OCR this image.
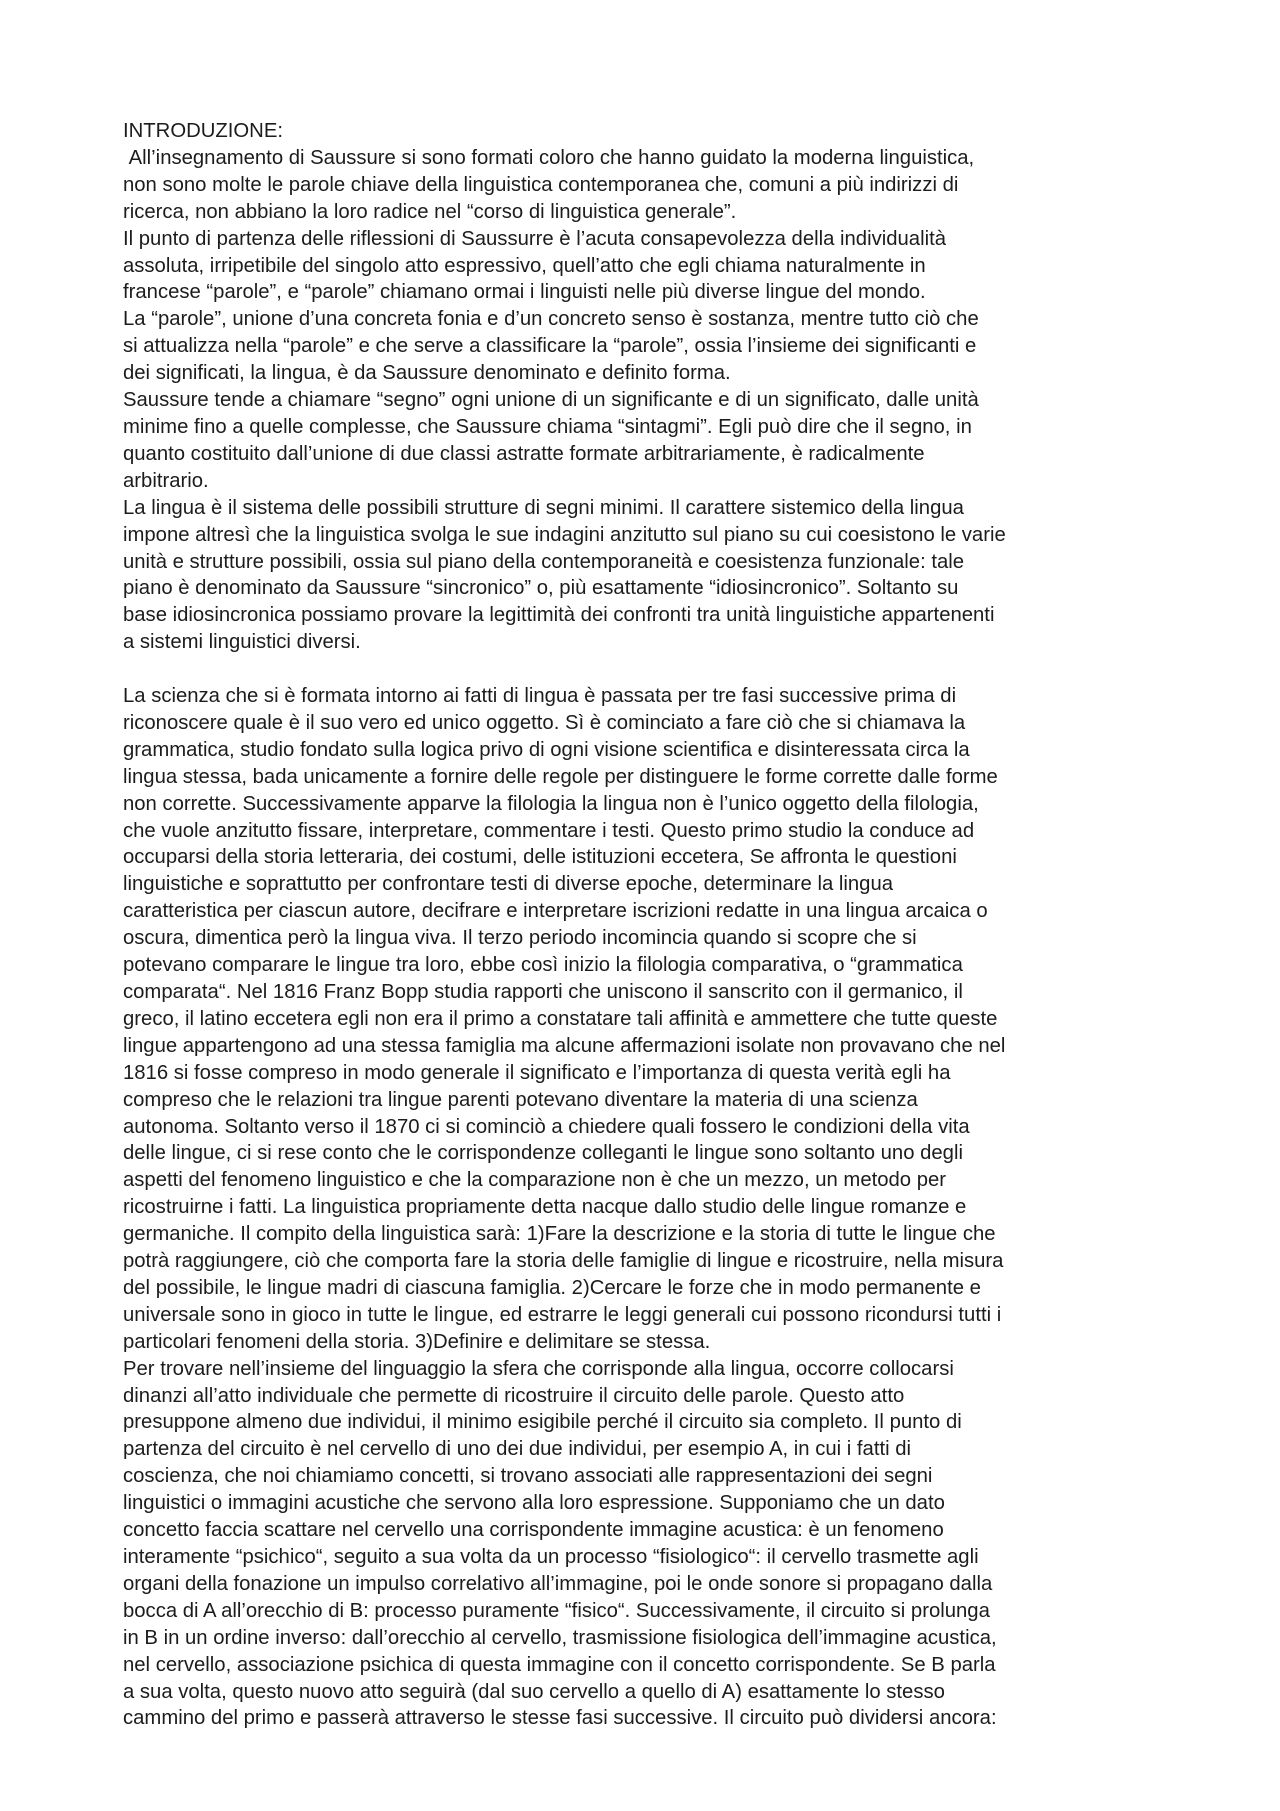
INTRODUZIONE:

All’insegnamento di Saussure si sono formati coloro che hanno guidato la moderna linguistica,
non sono molte le parole chiave della linguistica contemporanea che, comuni a più indirizzi di
ricerca, non abbiano la loro radice nel “corso di linguistica generale”.

Il punto di partenza delle riflessioni di Saussurre è l’acuta consapevolezza della individualità
assoluta, irripetibile del singolo atto espressivo, quell’atto che egli chiama naturalmente in
francese “parole”, e “parole” chiamano ormai i linguisti nelle più diverse lingue del mondo.

La “parole”, unione d’una concreta fonia e d’un concreto senso è sostanza, mentre tutto ciò che
si attualizza nella “parole” e che serve a classificare la “parole”, ossia l’insieme dei significanti e
dei significati, la lingua, è da Saussure denominato e definito forma.

Saussure tende a chiamare “segno” ogni unione di un significante e di un significato, dalle unità
minime fino a quelle complesse, che Saussure chiama “sintagmi”. Egli può dire che il segno, in
quanto costituito dall’unione di due classi astratte formate arbitrariamente, è radicalmente
arbitrario.

La lingua è il sistema delle possibili strutture di segni minimi. Il carattere sistemico della lingua
impone altresì che la linguistica svolga le sue indagini anzitutto sul piano su cui coesistono le varie
unità e strutture possibili, ossia sul piano della contemporaneità e coesistenza funzionale: tale
piano è denominato da Saussure “sincronico” o, più esattamente “idiosincronico”. Soltanto su
base idiosincronica possiamo provare la legittimità dei confronti tra unità linguistiche appartenenti
a sistemi linguistici diversi.

La scienza che si è formata intorno ai fatti di lingua è passata per tre fasi successive prima di
riconoscere quale è il suo vero ed unico oggetto. Sì è cominciato a fare ciò che si chiamava la
grammatica, studio fondato sulla logica privo di ogni visione scientifica e disinteressata circa la
lingua stessa, bada unicamente a fornire delle regole per distinguere le forme corrette dalle forme
non corrette. Successivamente apparve la filologia la lingua non è l’unico oggetto della filologia,
che vuole anzitutto fissare, interpretare, commentare i testi. Questo primo studio la conduce ad
occuparsi della storia letteraria, dei costumi, delle istituzioni eccetera, Se affronta le questioni
linguistiche e soprattutto per confrontare testi di diverse epoche, determinare la lingua
caratteristica per ciascun autore, decifrare e interpretare iscrizioni redatte in una lingua arcaica o
oscura, dimentica però la lingua viva. Il terzo periodo incomincia quando si scopre che si
potevano comparare le lingue tra loro, ebbe così inizio la filologia comparativa, o “grammatica
comparata“. Nel 1816 Franz Bopp studia rapporti che uniscono il sanscrito con il germanico, il
greco, il latino eccetera egli non era il primo a constatare tali affinità e ammettere che tutte queste
lingue appartengono ad una stessa famiglia ma alcune affermazioni isolate non provavano che nel
1816 si fosse compreso in modo generale il significato e l’importanza di questa verità egli ha
compreso che le relazioni tra lingue parenti potevano diventare la materia di una scienza
autonoma. Soltanto verso il 1870 ci si cominciò a chiedere quali fossero le condizioni della vita
delle lingue, ci si rese conto che le corrispondenze colleganti le lingue sono soltanto uno degli
aspetti del fenomeno linguistico e che la comparazione non è che un mezzo, un metodo per
ricostruirne i fatti. La linguistica propriamente detta nacque dallo studio delle lingue romanze e
germaniche. Il compito della linguistica sarà: 1)Fare la descrizione e la storia di tutte le lingue che
potrà raggiungere, ciò che comporta fare la storia delle famiglie di lingue e ricostruire, nella misura
del possibile, le lingue madri di ciascuna famiglia. 2)Cercare le forze che in modo permanente e
universale sono in gioco in tutte le lingue, ed estrarre le leggi generali cui possono ricondursi tutti i
particolari fenomeni della storia. 3)Definire e delimitare se stessa.

Per trovare nell’insieme del linguaggio la sfera che corrisponde alla lingua, occorre collocarsi
dinanzi all’atto individuale che permette di ricostruire il circuito delle parole. Questo atto
presuppone almeno due individui, il minimo esigibile perché il circuito sia completo. Il punto di
partenza del circuito è nel cervello di uno dei due individui, per esempio A, in cui i fatti di
coscienza, che noi chiamiamo concetti, si trovano associati alle rappresentazioni dei segni
linguistici o immagini acustiche che servono alla loro espressione. Supponiamo che un dato
concetto faccia scattare nel cervello una corrispondente immagine acustica: è un fenomeno
interamente “psichico“, seguito a sua volta da un processo “fisiologico“: il cervello trasmette agli
organi della fonazione un impulso correlativo all’immagine, poi le onde sonore si propagano dalla
bocca di A all’orecchio di B: processo puramente “fisico“. Successivamente, il circuito si prolunga
in B in un ordine inverso: dall’orecchio al cervello, trasmissione fisiologica dell’immagine acustica,
nel cervello, associazione psichica di questa immagine con il concetto corrispondente. Se B parla
a sua volta, questo nuovo atto seguirà (dal suo cervello a quello di A) esattamente lo stesso
cammino del primo e passerà attraverso le stesse fasi successive. Il circuito può dividersi ancora:
